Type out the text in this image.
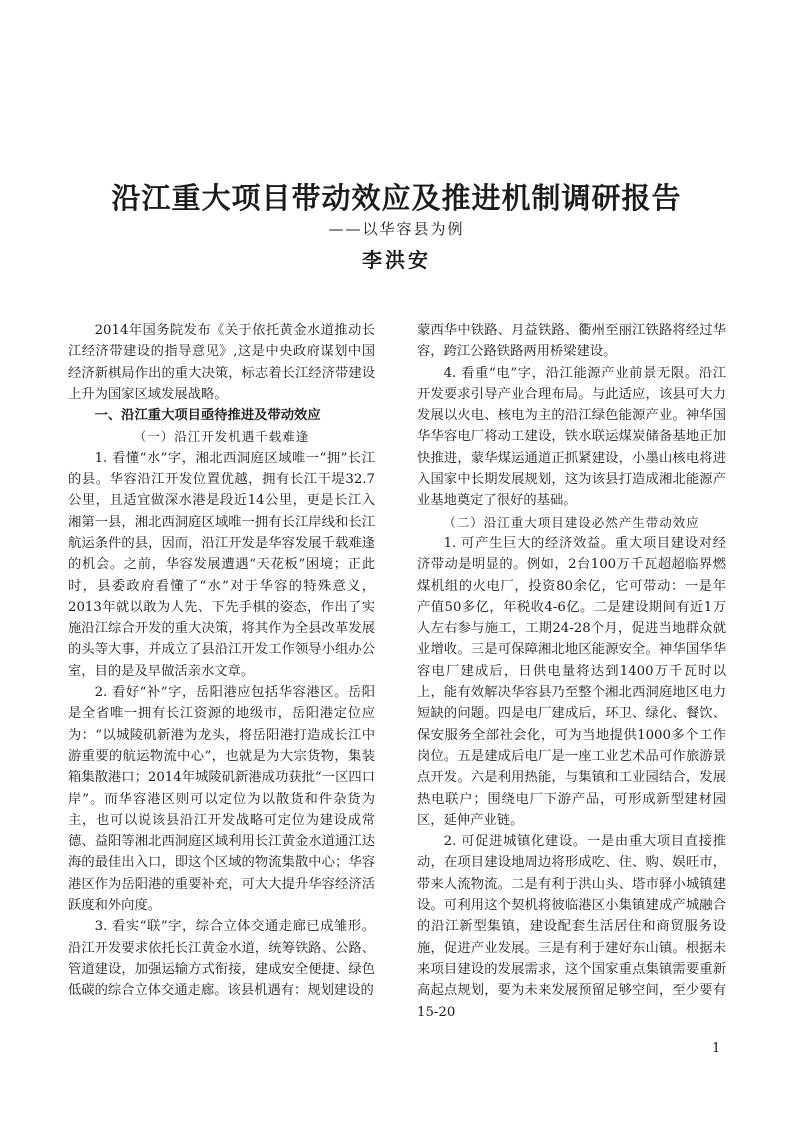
沿江重大项目带动效应及推进机制调研报告
——以华容县为例
李洪安

2014年国务院发布《关于依托黄金水道推动长江经济带建设的指导意见》,这是中央政府谋划中国经济新棋局作出的重大决策，标志着长江经济带建设上升为国家区域发展战略。

一、沿江重大项目亟待推进及带动效应

（一）沿江开发机遇千载难逢

1. 看懂“水”字，湘北西洞庭区域唯一“拥”长江的县。华容沿江开发位置优越，拥有长江干堤32.7公里，且适宜做深水港是段近14公里，更是长江入湘第一县，湘北西洞庭区域唯一拥有长江岸线和长江航运条件的县，因而，沿江开发是华容发展千载难逢的机会。之前，华容发展遭遇“天花板”困境；正此时，县委政府看懂了“水”对于华容的特殊意义，2013年就以敢为人先、下先手棋的姿态，作出了实施沿江综合开发的重大决策，将其作为全县改革发展的头等大事，并成立了县沿江开发工作领导小组办公室，目的是及早做活亲水文章。

2. 看好“补”字，岳阳港应包括华容港区。岳阳是全省唯一拥有长江资源的地级市，岳阳港定位应为：“以城陵矶新港为龙头，将岳阳港打造成长江中游重要的航运物流中心”，也就是为大宗货物，集装箱集散港口；2014年城陵矶新港成功获批“一区四口岸”。而华容港区则可以定位为以散货和件杂货为主，也可以说该县沿江开发战略可定位为建设成常德、益阳等湘北西洞庭区域利用长江黄金水道通江达海的最佳出入口，即这个区域的物流集散中心；华容港区作为岳阳港的重要补充，可大大提升华容经济活跃度和外向度。

3. 看实“联”字，综合立体交通走廊已成雏形。沿江开发要求依托长江黄金水道，统筹铁路、公路、管道建设，加强运输方式衔接，建成安全便捷、绿色低碳的综合立体交通走廊。该县机遇有：规划建设的

蒙西华中铁路、月益铁路、衢州至丽江铁路将经过华容，跨江公路铁路两用桥梁建设。

4. 看重“电”字，沿江能源产业前景无限。沿江开发要求引导产业合理布局。与此适应，该县可大力发展以火电、核电为主的沿江绿色能源产业。神华国华华容电厂将动工建设，铁水联运煤炭储备基地正加快推进，蒙华煤运通道正抓紧建设，小墨山核电将进入国家中长期发展规划，这为该县打造成湘北能源产业基地奠定了很好的基础。

（二）沿江重大项目建设必然产生带动效应

1. 可产生巨大的经济效益。重大项目建设对经济带动是明显的。例如，2台100万千瓦超超临界燃煤机组的火电厂，投资80余亿，它可带动：一是年产值50多亿，年税收4-6亿。二是建设期间有近1万人左右参与施工，工期24-28个月，促进当地群众就业增收。三是可保障湘北地区能源安全。神华国华华容电厂建成后，日供电量将达到1400万千瓦时以上，能有效解决华容县乃至整个湘北西洞庭地区电力短缺的问题。四是电厂建成后，环卫、绿化、餐饮、保安服务全部社会化，可为当地提供1000多个工作岗位。五是建成后电厂是一座工业艺术品可作旅游景点开发。六是利用热能，与集镇和工业园结合，发展热电联户；围绕电厂下游产品，可形成新型建材园区，延伸产业链。

2. 可促进城镇化建设。一是由重大项目直接推动，在项目建设地周边将形成吃、住、购、娱旺市，带来人流物流。二是有利于洪山头、塔市驿小城镇建设。可利用这个契机将彼临港区小集镇建成产城融合的沿江新型集镇，建设配套生活居住和商贸服务设施，促进产业发展。三是有利于建好东山镇。根据未来项目建设的发展需求，这个国家重点集镇需要重新高起点规划，要为未来发展预留足够空间，至少要有15-20

1
